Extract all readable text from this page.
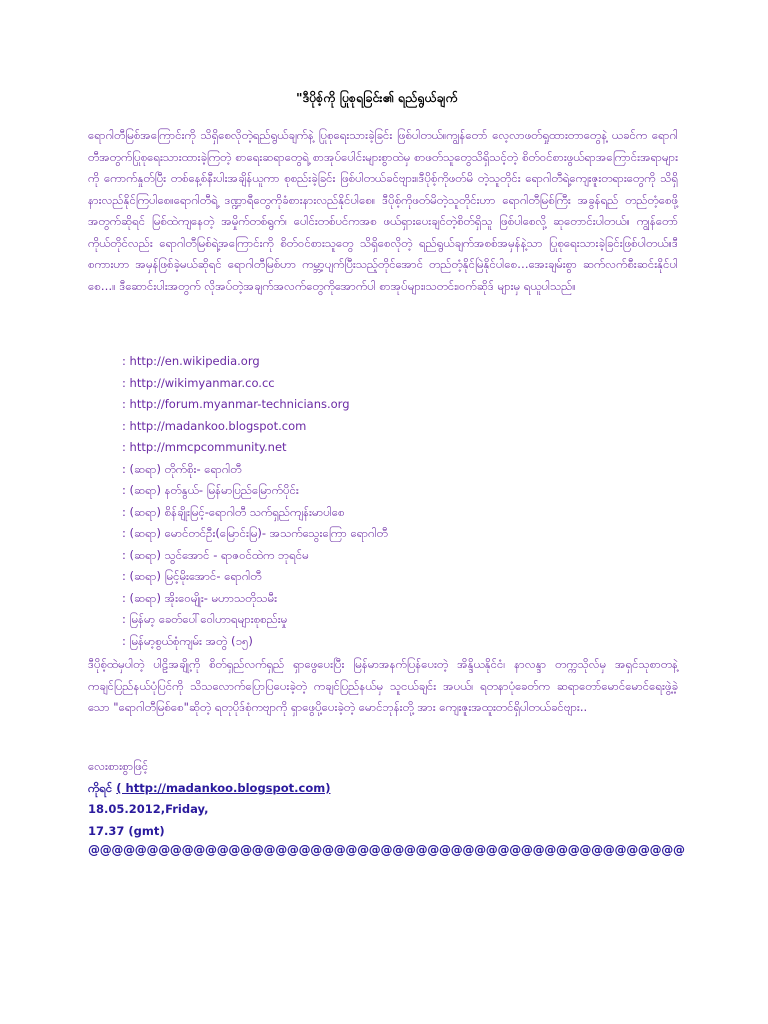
"ဒီပိုစ့်ကို ပြုစုရခြင်း၏ ရည်ရွယ်ချက်

ရောဂါတီမြစ်အကြောင်းကို သိရှိစေလိုတဲ့ရည်ရွယ်ချက်နဲ့ ပြုစုရေးသားခဲ့ခြင်း ဖြစ်ပါတယ်။ကျွန်တော် လေ့လာဖတ်ရှုထားတာတွေနဲ့ ယခင်က ရောဂါတီအတွက်ပြုစုရေးသားထားခဲ့ကြတဲ့ စာရေးဆရာတွေရဲ့ စာအုပ်ပေါင်းများစွာထဲမှ စာဖတ်သူတွေသိရှိသင့်တဲ့ စိတ်ဝင်စားဖွယ်ရာအကြောင်းအရာများကို ကောက်နှုတ်ပြီး တစ်နေ့စ်နီးပါးအချိန်ယူကာ စုစည်းခဲ့ခြင်း ဖြစ်ပါတယ်ခင်ဗျား။ဒီပိုစ့်ကိုဖတ်မိ တဲ့သူတိုင်း ရောဂါတီရဲ့ကျေးဇူးတရားတွေကို သိရှိနားလည်နိုင်ကြပါစေ။ရောဂါတီရဲ့ ဒဏ္ဍာရီတွေကိုခံစားနားလည်နိုင်ပါစေ။ ဒီပိုစ့်ကိုဖတ်မိတဲ့သူတိုင်းဟာ ရောဂါတီမြစ်ကြီး အခွန်ရည် တည်တံ့စေဖို့အတွက်ဆိုရင် မြစ်ထဲကျနေတဲ့ အမှိုက်တစ်ရွက်၊ ပေါင်းတစ်ပင်ကအစ ဖယ်ရှားပေးချင်တဲ့စိတ်ရှိသူ ဖြစ်ပါစေလို့ ဆုတောင်းပါတယ်။ ကျွန်တော်ကိုယ်တိုင်လည်း ရောဂါတီမြစ်ရဲ့အကြောင်းကို စိတ်ဝင်စားသူတွေ သိရှိစေလိုတဲ့ ရည်ရွယ်ချက်အစစ်အမှန်နဲ့သာ ပြုစုရေးသားခဲ့ခြင်းဖြစ်ပါတယ်။ဒီစကားဟာ အမှန်ဖြစ်ခဲ့မယ်ဆိုရင် ရောဂါတီမြစ်ဟာ ကမ္ဘာ့ပျက်ပြီးသည့်တိုင်အောင် တည်တံ့နိုင်မြဲနိုင်ပါစေ…အေးချမ်းစွာ ဆက်လက်စီးဆင်းနိုင်ပါစေ…။ ဒီဆောင်းပါးအတွက် လိုအပ်တဲ့အချက်အလက်တွေကိုအောက်ပါ စာအုပ်များ၊သတင်း၊ဝက်ဆိုဒ် များမှ ရယူပါသည်။

: http://en.wikipedia.org
: http://wikimyanmar.co.cc
: http://forum.myanmar-technicians.org
: http://madankoo.blogspot.com
: http://mmcpcommunity.net
: (ဆရာ) တိုက်စိုး- ရောဂါတီ
: (ဆရာ) နတ်နွယ်- မြန်မာပြည်မြောက်ပိုင်း
: (ဆရာ) စိန်ချိုးမြင့်-ရောဂါတီ သက်ရှည်ကျန်းမာပါစေ
: (ဆရာ) မောင်တင်ဦး(မြောင်းမြ)- အသက်သွေးကြော ရောဂါတီ
: (ဆရာ) သွင်အောင် - ရာဇဝင်ထဲက ဘုရင်မ
: (ဆရာ) မြင့်မိုးအောင်- ရောဂါတီ
: (ဆရာ) အိုးဝေမျိုး- မဟာသတိုသမီး
: မြန်မာ့ ခေတ်ပေါ်ဝေါဟာရများစုစည်းမှု
: မြန်မာ့စွယ်စုံကျမ်း အတွဲ (၁၅)

ဒီပိုစ့်ထဲမှပါတဲ့ ပါဠိအချို့ကို စိတ်ရှည်လက်ရှည် ရှာဖွေပေးပြီး မြန်မာအနက်ပြန်ပေးတဲ့ အိန္ဒိယနိုင်ငံ၊ နာလန္ဒာ တက္ကသိုလ်မှ အရှင်သုစာတနဲ့ ကချင်ပြည်နယ်ပုံပြင်ကို သိသလောက်ပြောပြပေးခဲ့တဲ့ ကချင်ပြည်နယ်မှ သူငယ်ချင်း အပယ်၊ ရတနာပုံခေတ်က ဆရာတော်မောင်မောင်ရေးဖွဲ့ခဲ့သော "ရောဂါတီမြစ်စေ"ဆိုတဲ့ ရတုပိုဒ်စုံကဗျာကို ရှာဖွေပို့ပေးခဲ့တဲ့ မောင်ဘုန်းတို့ အား ကျေးဇူးအထူးတင်ရှိပါတယ်ခင်ဗျား..

လေးစားစွာဖြင့်
ကိုရင် ( http://madankoo.blogspot.com)
18.05.2012,Friday,
17.37 (gmt)
@@@@@@@@@@@@@@@@@@@@@@@@@@@@@@@@@@@@@@@@@@@@@@@@@@@
